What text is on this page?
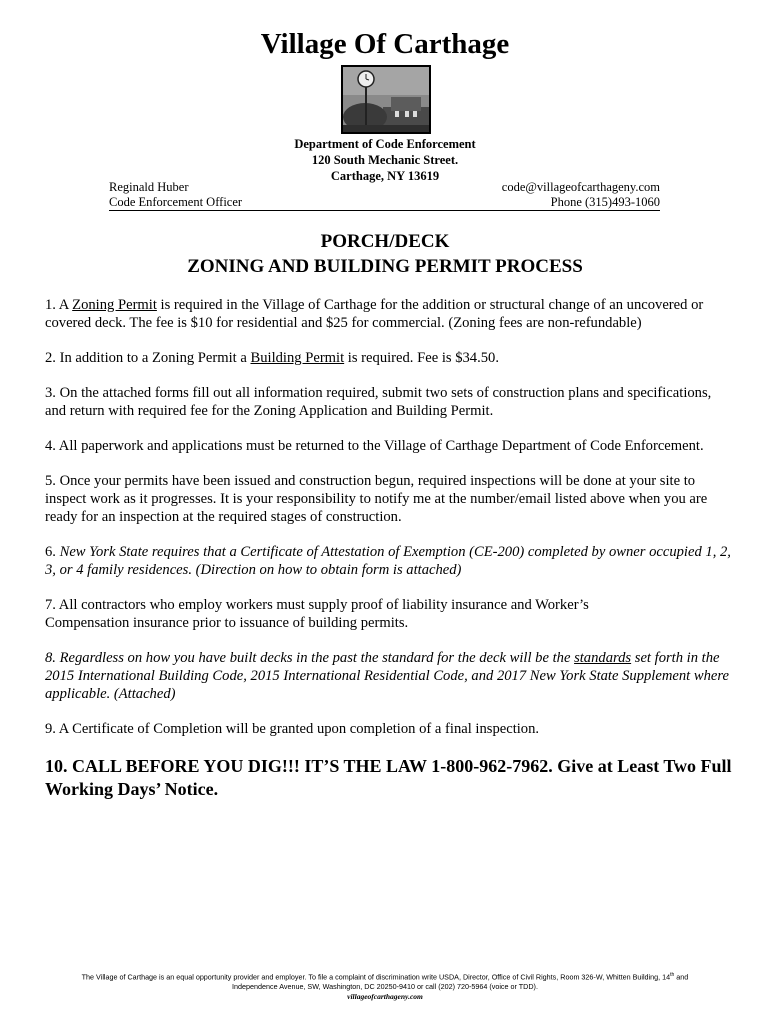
Village Of Carthage
Department of Code Enforcement
120 South Mechanic Street.
Carthage, NY 13619
Reginald Huber	code@villageofcarthageny.com
Code Enforcement Officer	Phone (315)493-1060
PORCH/DECK
ZONING AND BUILDING PERMIT PROCESS

1. A Zoning Permit is required in the Village of Carthage for the addition or structural change of an uncovered or covered deck. The fee is $10 for residential and $25 for commercial. (Zoning fees are non-refundable)

2. In addition to a Zoning Permit a Building Permit is required. Fee is $34.50.

3. On the attached forms fill out all information required, submit two sets of construction plans and specifications, and return with required fee for the Zoning Application and Building Permit.

4. All paperwork and applications must be returned to the Village of Carthage Department of Code Enforcement.

5. Once your permits have been issued and construction begun, required inspections will be done at your site to inspect work as it progresses. It is your responsibility to notify me at the number/email listed above when you are ready for an inspection at the required stages of construction.

6. New York State requires that a Certificate of Attestation of Exemption (CE-200) completed by owner occupied 1, 2, 3, or 4 family residences. (Direction on how to obtain form is attached)

7. All contractors who employ workers must supply proof of liability insurance and Worker’s
Compensation insurance prior to issuance of building permits.

8. Regardless on how you have built decks in the past the standard for the deck will be the standards set forth in the 2015 International Building Code, 2015 International Residential Code, and 2017 New York State Supplement where applicable. (Attached)

9. A Certificate of Completion will be granted upon completion of a final inspection.

10. CALL BEFORE YOU DIG!!! IT’S THE LAW 1-800-962-7962. Give at Least Two Full Working Days’ Notice.

The Village of Carthage is an equal opportunity provider and employer. To file a complaint of discrimination write USDA, Director, Office of Civil Rights, Room 326-W, Whitten Building, 14th and
Independence Avenue, SW, Washington, DC 20250-9410 or call (202) 720-5964 (voice or TDD).
villageofcarthageny.com
